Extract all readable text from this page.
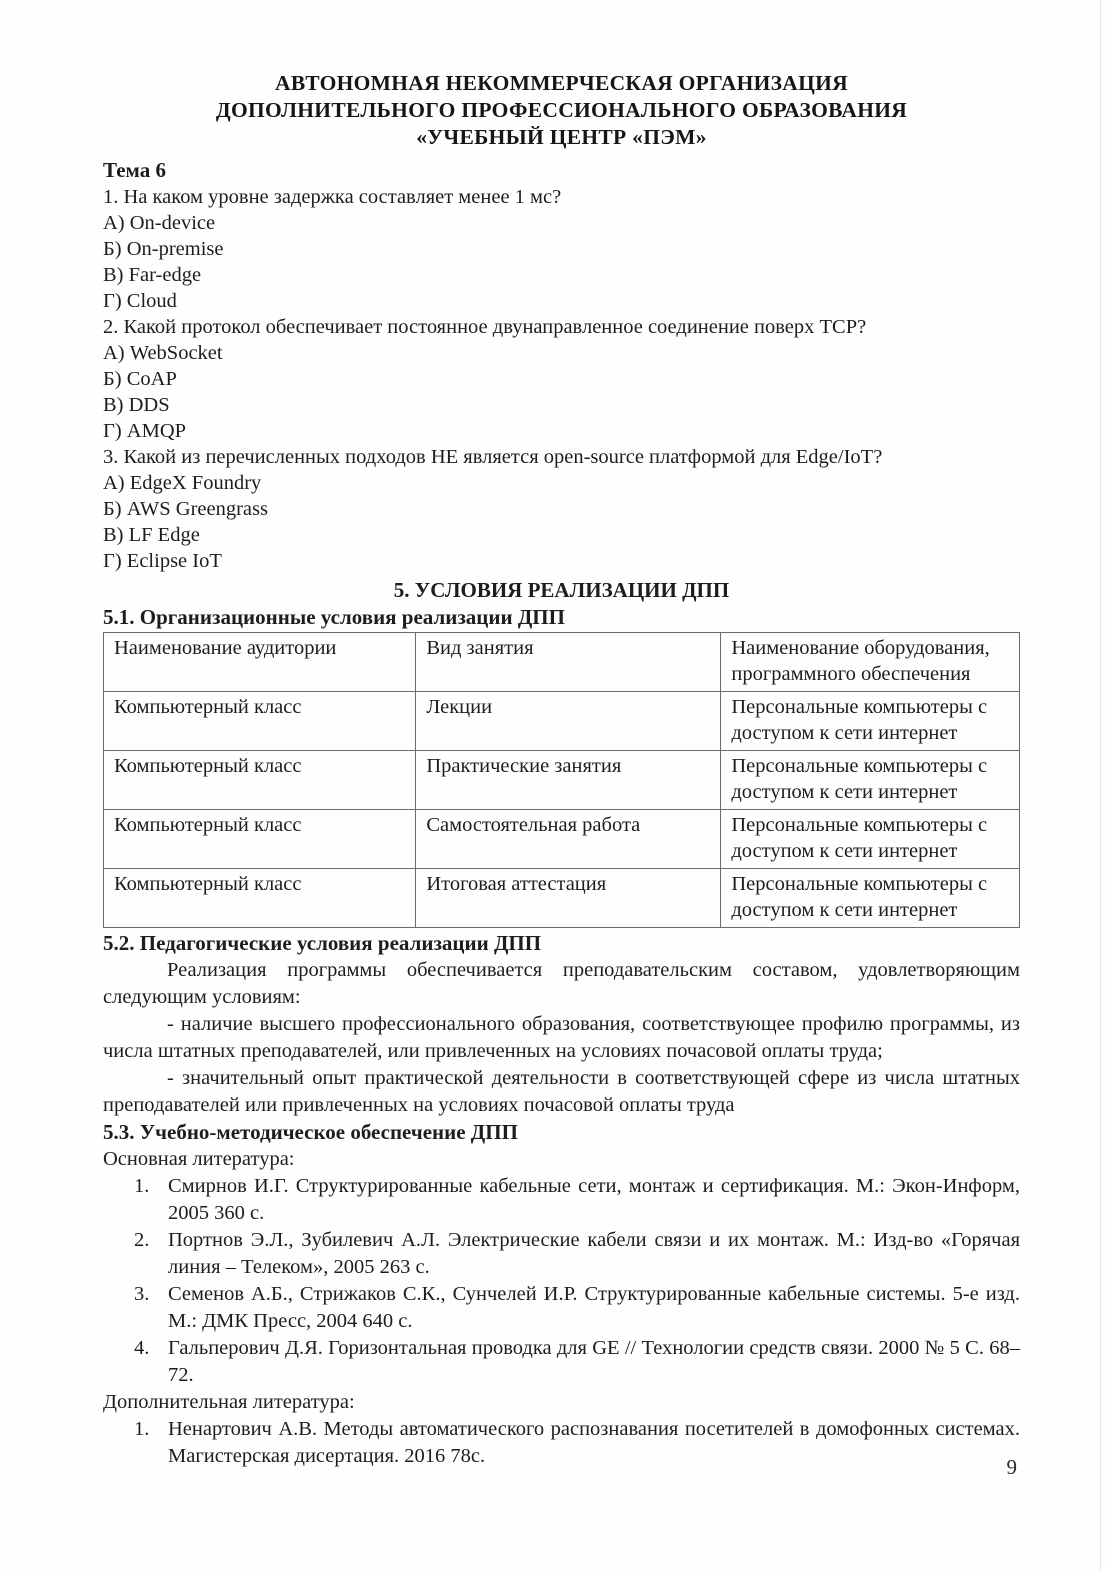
АВТОНОМНАЯ НЕКОММЕРЧЕСКАЯ ОРГАНИЗАЦИЯ
ДОПОЛНИТЕЛЬНОГО ПРОФЕССИОНАЛЬНОГО ОБРАЗОВАНИЯ
«УЧЕБНЫЙ ЦЕНТР «ПЭМ»
Тема 6
1. На каком уровне задержка составляет менее 1 мс?
А) On-device
Б) On-premise
В) Far-edge
Г) Cloud
2. Какой протокол обеспечивает постоянное двунаправленное соединение поверх TCP?
А) WebSocket
Б) CoAP
В) DDS
Г) AMQP
3. Какой из перечисленных подходов НЕ является open-source платформой для Edge/IoT?
А) EdgeX Foundry
Б) AWS Greengrass
В) LF Edge
Г) Eclipse IoT
5. УСЛОВИЯ РЕАЛИЗАЦИИ ДПП
5.1. Организационные условия реализации ДПП
Наименование аудитории	Вид занятия	Наименование оборудования, программного обеспечения
Компьютерный класс	Лекции	Персональные компьютеры с доступом к сети интернет
Компьютерный класс	Практические занятия	Персональные компьютеры с доступом к сети интернет
Компьютерный класс	Самостоятельная работа	Персональные компьютеры с доступом к сети интернет
Компьютерный класс	Итоговая аттестация	Персональные компьютеры с доступом к сети интернет
5.2. Педагогические условия реализации ДПП
Реализация программы обеспечивается преподавательским составом, удовлетворяющим следующим условиям:
- наличие высшего профессионального образования, соответствующее профилю программы, из числа штатных преподавателей, или привлеченных на условиях почасовой оплаты труда;
- значительный опыт практической деятельности в соответствующей сфере из числа штатных преподавателей или привлеченных на условиях почасовой оплаты труда
5.3. Учебно-методическое обеспечение ДПП
Основная литература:
1. Смирнов И.Г. Структурированные кабельные сети, монтаж и сертификация. М.: Экон-Информ, 2005 360 с.
2. Портнов Э.Л., Зубилевич А.Л. Электрические кабели связи и их монтаж. М.: Изд-во «Горячая линия – Телеком», 2005 263 с.
3. Семенов А.Б., Стрижаков С.К., Сунчелей И.Р. Структурированные кабельные системы. 5-е изд. М.: ДМК Пресс, 2004 640 с.
4. Гальперович Д.Я. Горизонтальная проводка для GE // Технологии средств связи. 2000 № 5 С. 68–72.
Дополнительная литература:
1. Ненартович А.В. Методы автоматического распознавания посетителей в домофонных системах. Магистерская дисертация. 2016 78с.	9
